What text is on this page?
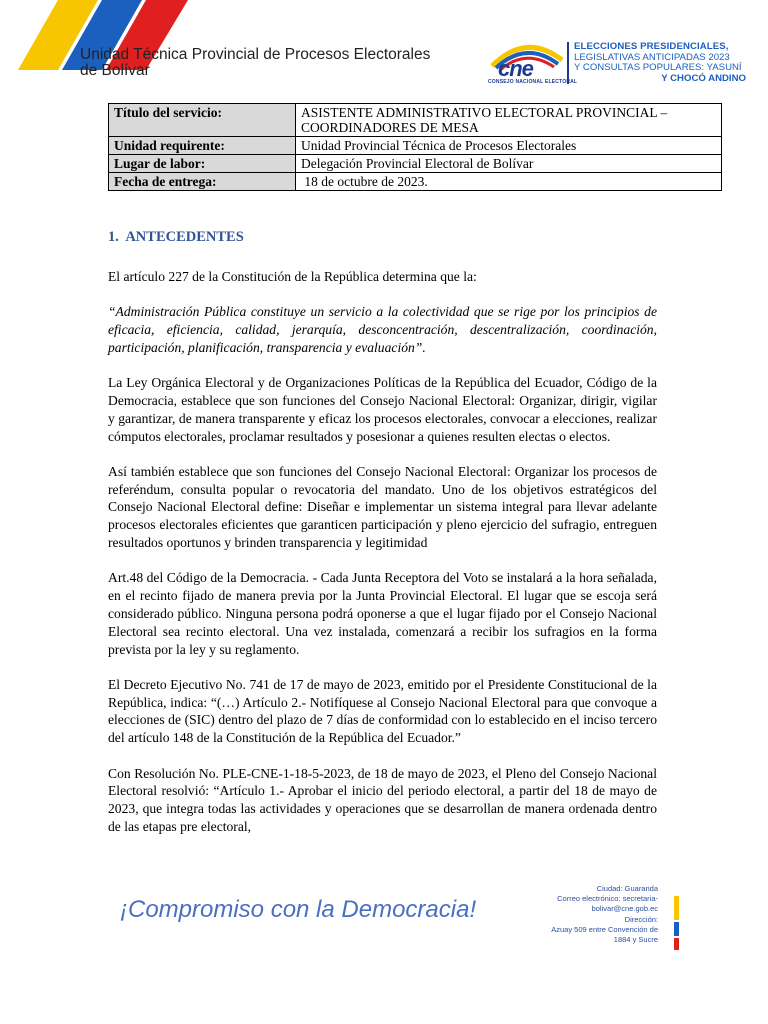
Unidad Técnica Provincial de Procesos Electorales
de Bolívar	cne
CONSEJO NACIONAL ELECTORAL
ELECCIONES PRESIDENCIALES,
LEGISLATIVAS ANTICIPADAS 2023
Y CONSULTAS POPULARES: YASUNÍ
Y CHOCÓ ANDINO
Título del servicio:	ASISTENTE ADMINISTRATIVO ELECTORAL PROVINCIAL – COORDINADORES DE MESA
Unidad requirente:	Unidad Provincial Técnica de Procesos Electorales
Lugar de labor:	Delegación Provincial Electoral de Bolívar
Fecha de entrega:	18 de octubre de 2023.
1.  ANTECEDENTES

El artículo 227 de la Constitución de la República determina que la:

“Administración Pública constituye un servicio a la colectividad que se rige por los principios de eficacia, eficiencia, calidad, jerarquía, desconcentración, descentralización, coordinación, participación, planificación, transparencia y evaluación”.

La Ley Orgánica Electoral y de Organizaciones Políticas de la República del Ecuador, Código de la Democracia, establece que son funciones del Consejo Nacional Electoral: Organizar, dirigir, vigilar y garantizar, de manera transparente y eficaz los procesos electorales, convocar a elecciones, realizar cómputos electorales, proclamar resultados y posesionar a quienes resulten electas o electos.

Así también establece que son funciones del Consejo Nacional Electoral: Organizar los procesos de referéndum, consulta popular o revocatoria del mandato. Uno de los objetivos estratégicos del Consejo Nacional Electoral define: Diseñar e implementar un sistema integral para llevar adelante procesos electorales eficientes que garanticen participación y pleno ejercicio del sufragio, entreguen resultados oportunos y brinden transparencia y legitimidad

Art.48 del Código de la Democracia. - Cada Junta Receptora del Voto se instalará a la hora señalada, en el recinto fijado de manera previa por la Junta Provincial Electoral. El lugar que se escoja será considerado público. Ninguna persona podrá oponerse a que el lugar fijado por el Consejo Nacional Electoral sea recinto electoral. Una vez instalada, comenzará a recibir los sufragios en la forma prevista por la ley y su reglamento.

El Decreto Ejecutivo No. 741 de 17 de mayo de 2023, emitido por el Presidente Constitucional de la República, indica: “(…) Artículo 2.- Notifíquese al Consejo Nacional Electoral para que convoque a elecciones de (SIC) dentro del plazo de 7 días de conformidad con lo establecido en el inciso tercero del artículo 148 de la Constitución de la República del Ecuador.”

Con Resolución No. PLE-CNE-1-18-5-2023, de 18 de mayo de 2023, el Pleno del Consejo Nacional Electoral resolvió: “Artículo 1.- Aprobar el inicio del periodo electoral, a partir del 18 de mayo de 2023, que integra todas las actividades y operaciones que se desarrollan de manera ordenada dentro de las etapas pre electoral,

¡Compromiso con la Democracia!
Ciudad: Guaranda
Correo electrónico: secretaria-
bolivar@cne.gob.ec
Dirección:
Azuay 509 entre Convención de
1884 y Sucre
